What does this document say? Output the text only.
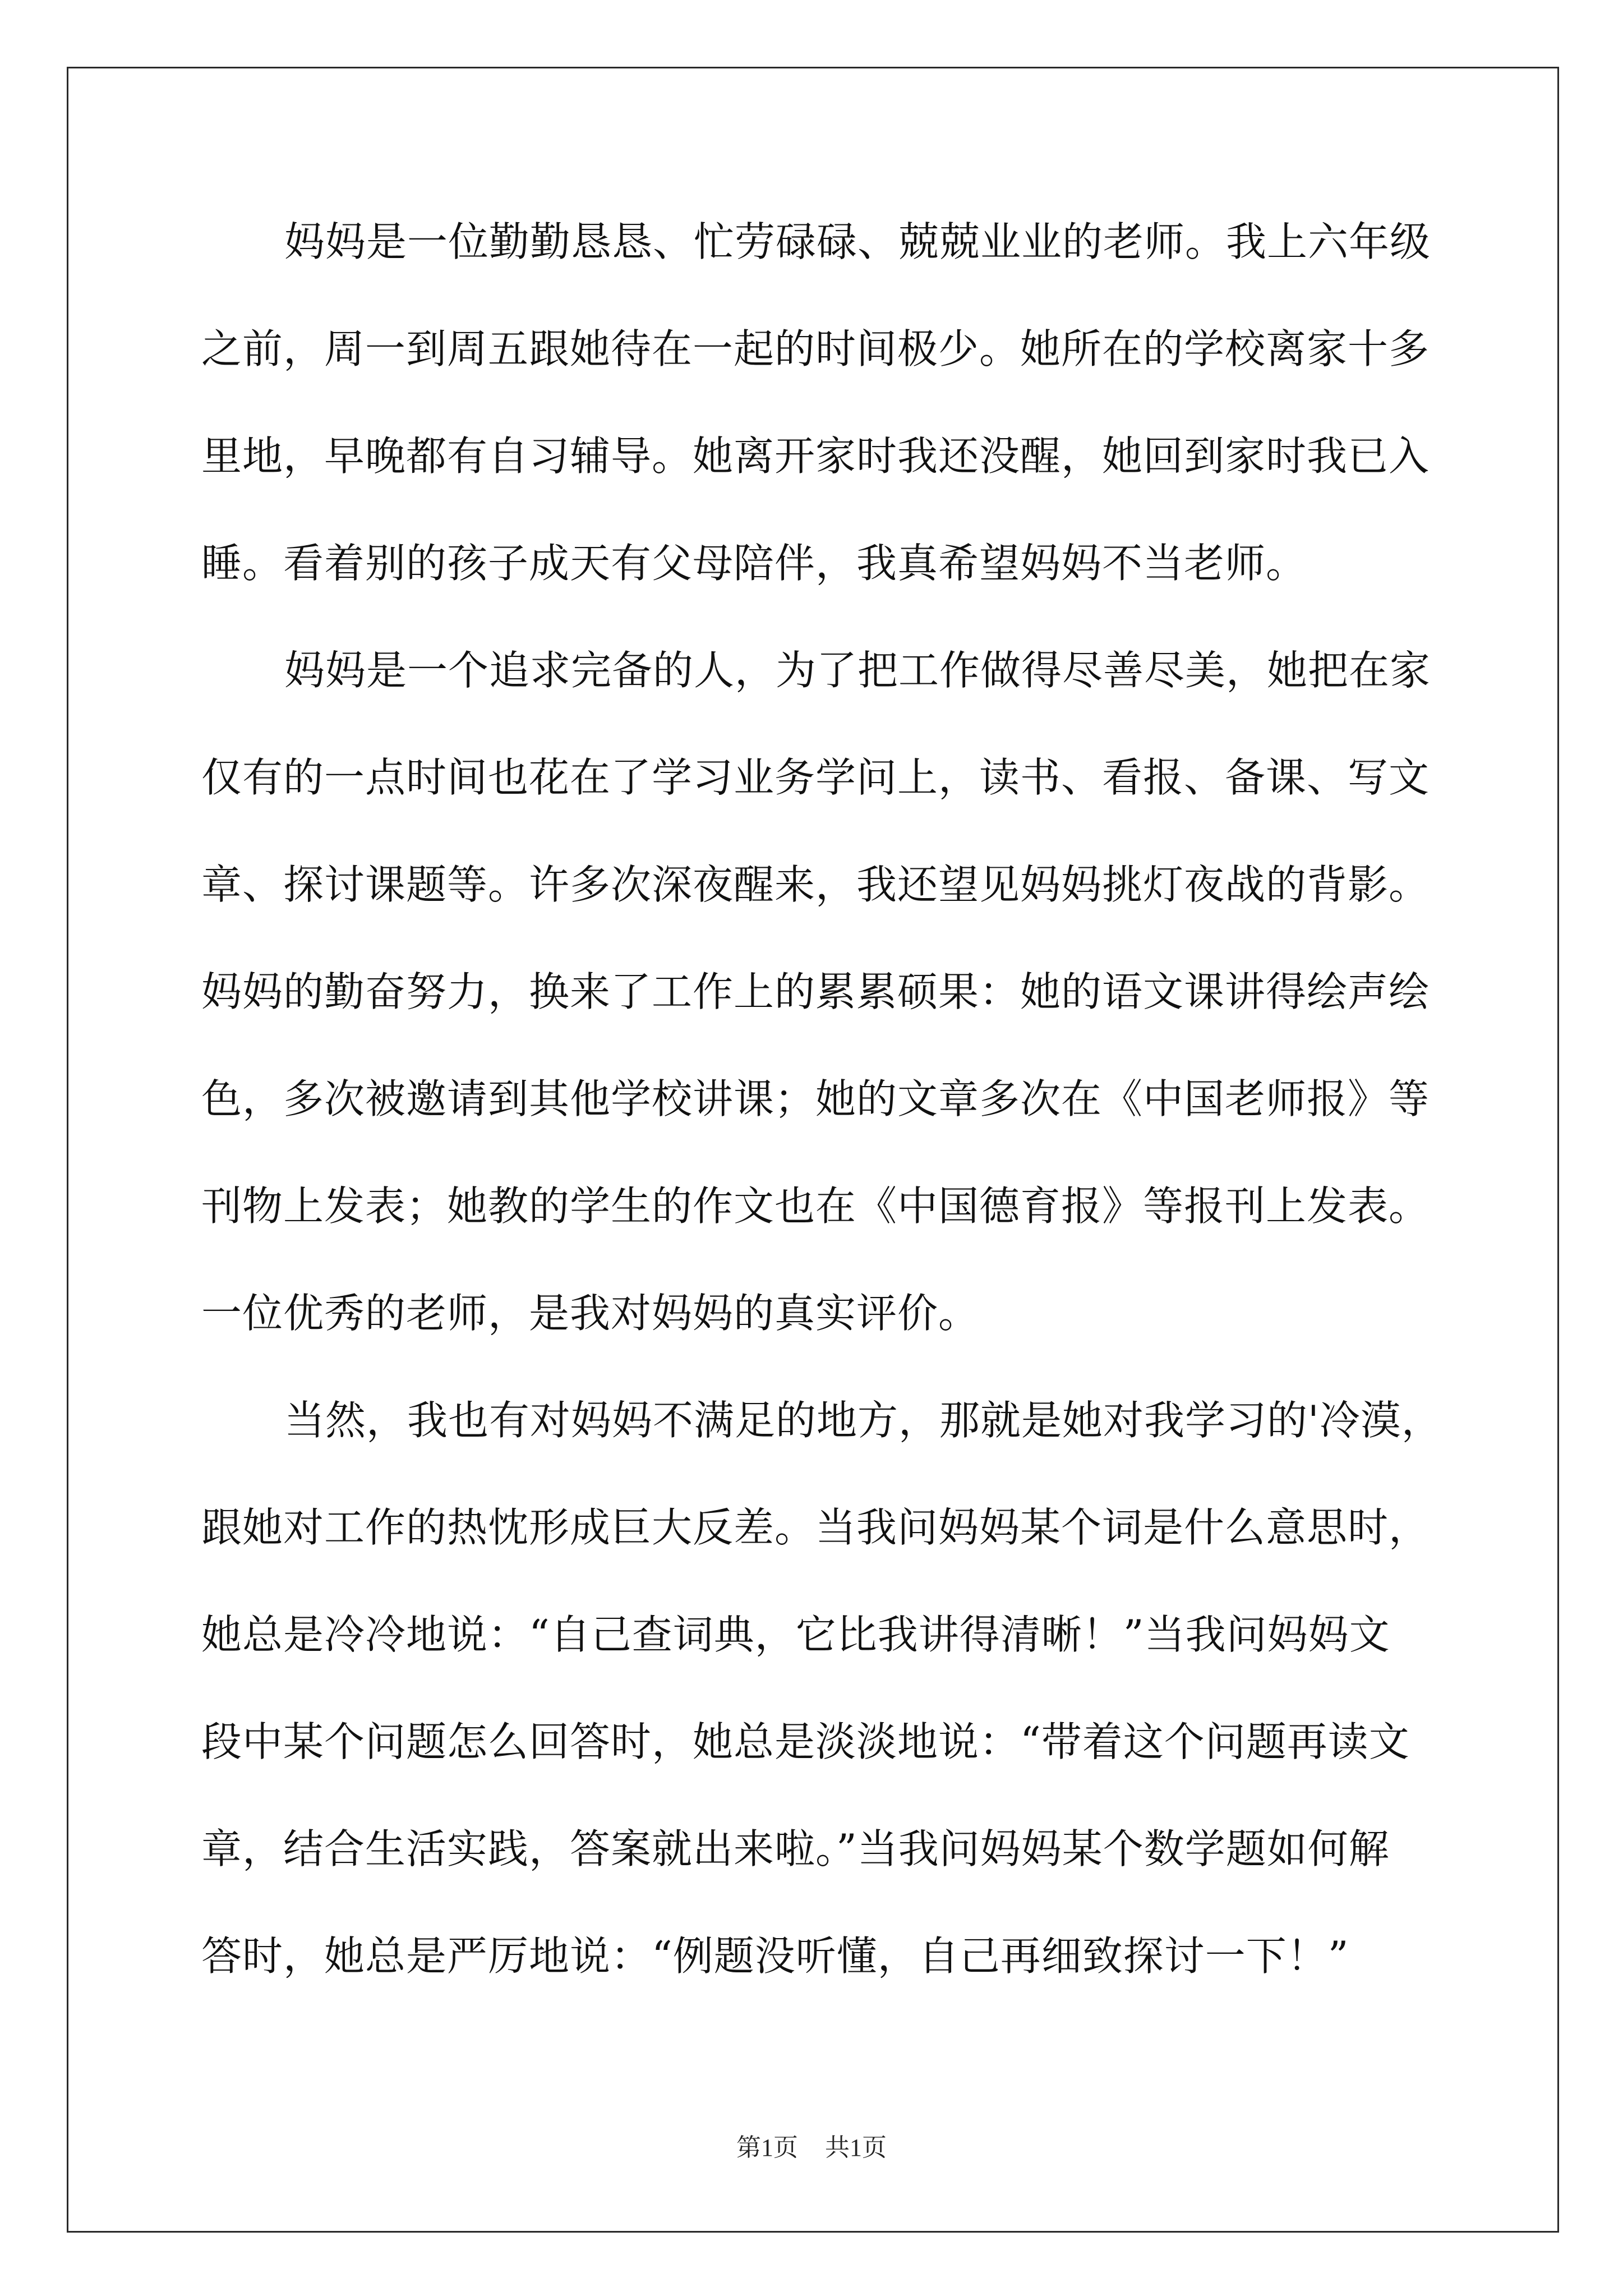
妈妈是一位勤勤恳恳、忙劳碌碌、兢兢业业的老师。我上六年级
之前，周一到周五跟她待在一起的时间极少。她所在的学校离家十多
里地，早晚都有自习辅导。她离开家时我还没醒，她回到家时我已入
睡。看着别的孩子成天有父母陪伴，我真希望妈妈不当老师。
妈妈是一个追求完备的人，为了把工作做得尽善尽美，她把在家
仅有的一点时间也花在了学习业务学问上，读书、看报、备课、写文
章、探讨课题等。许多次深夜醒来，我还望见妈妈挑灯夜战的背影。
妈妈的勤奋努力，换来了工作上的累累硕果：她的语文课讲得绘声绘
色，多次被邀请到其他学校讲课；她的文章多次在《中国老师报》等
刊物上发表；她教的学生的作文也在《中国德育报》等报刊上发表。
一位优秀的老师，是我对妈妈的真实评价。
当然，我也有对妈妈不满足的地方，那就是她对我学习的'冷漠，
跟她对工作的热忱形成巨大反差。当我问妈妈某个词是什么意思时，
她总是冷冷地说：“自己查词典，它比我讲得清晰！”当我问妈妈文
段中某个问题怎么回答时，她总是淡淡地说：“带着这个问题再读文
章，结合生活实践，答案就出来啦。”当我问妈妈某个数学题如何解
答时，她总是严厉地说：“例题没听懂，自己再细致探讨一下！”
第1页 共1页
